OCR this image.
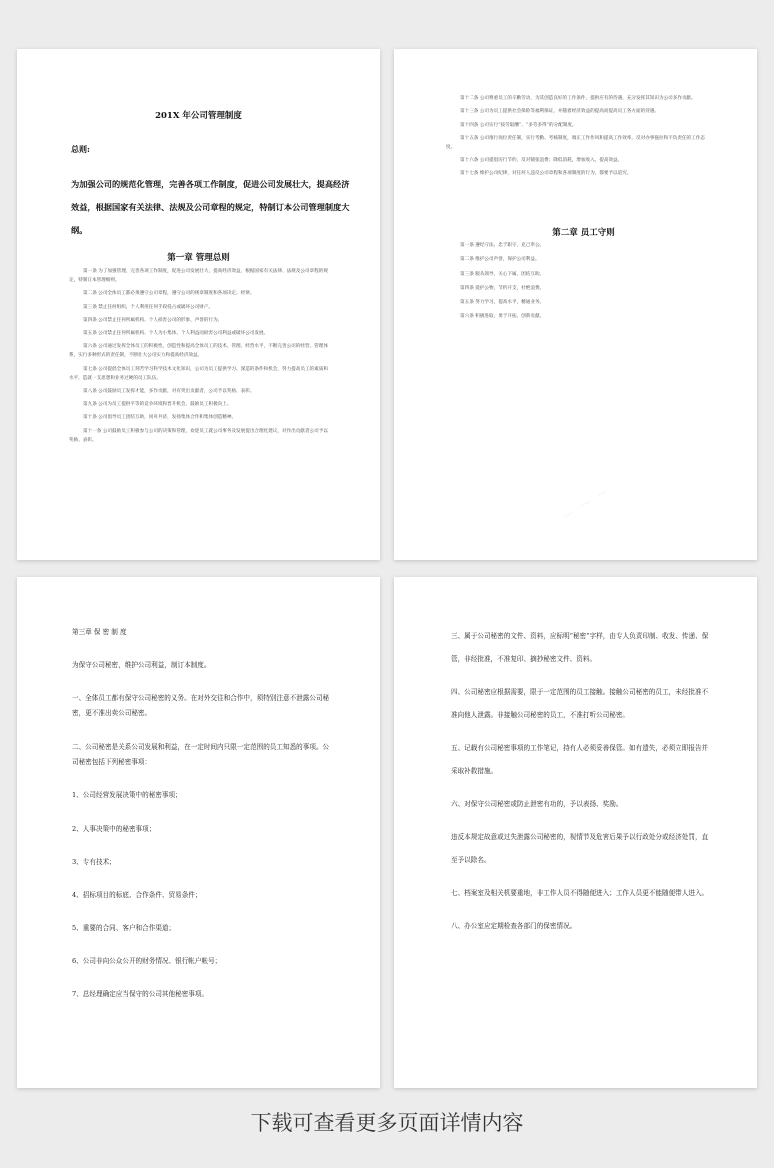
201X 年公司管理制度
总则:
为加强公司的规范化管理，完善各项工作制度，促进公司发展壮大，提高经济效益，根据国家有关法律、法规及公司章程的规定，特制订本公司管理制度大纲。
第一章 管理总则
第一条 为了加强管理，完善各项工作制度，促进公司发展壮大，提高经济效益，根据国家有关法律、法规及公司章程的规定，特制订本管理细则。
第二条 公司全体员工都必须遵守公司章程，遵守公司的规章制度和各项决定、经律。
第三条 禁止任何组织、个人利用任何手段侵占或破坏公司财产。
第四条 公司禁止任何所属机构、个人损害公司的形象、声誉的行为。
第五条 公司禁止任何所属机构、个人为小集体、个人利益而损害公司利益或破坏公司发展。
第六条 公司通过发挥全体员工的积极性、创造性和提高全体员工的技术、管理、经营水平，不断完善公司的经营、管理体系，实行多种形式的责任制，不断壮大公司实力和提高经济效益。
第七条 公司提倡全体员工刻苦学习科学技术文化知识，公司为员工提供学习、深造的条件和机会，努力提高员工的素质和水平，造就一支思想和业务过硬的员工队伍。
第八条 公司鼓励员工发挥才能，多作贡献，对有突出贡献者，公司予以奖励、表彰。
第九条 公司为员工提供平等的竞争环境和晋升机会，鼓励员工积极向上。
第十条 公司倡导员工团结互助，同舟共济，发扬集体合作和集体创造精神。
第十一条 公司鼓励员工积极参与公司的决策和管理，欢迎员工就公司事务及发展提出合理化建议，对作出贡献者公司予以奖励、表彰。
第十二条 公司尊重员工的辛勤劳动，为其创造良好的工作条件，提供应有的待遇，充分发挥其知识为公司多作贡献。
第十三条 公司为员工提供社会保险等福利保证，并随着经济效益的提高而提高员工各方面的待遇。
第十四条 公司实行“按劳取酬”、“多劳多得”的分配制度。
第十五条 公司推行岗位责任制，实行考勤、考核制度，端正工作作风和提高工作效率，反对办事拖拉和不负责任的工作态度。
第十六条 公司提倡厉行节约，反对铺张浪费；降低消耗，增加收入，提高效益。
第十七条 维护公司纪律，对任何人违反公司章程和各项制度的行为，都要予以追究。
第二章 员工守则
第一条 遵纪守法，忠于职守，克己奉公。
第二条 维护公司声誉，保护公司利益。
第三条 服从领导，关心下属，团结互助。
第四条 爱护公物，节约开支，杜绝浪费。
第五条 努力学习，提高水平，精通业务。
第六条 积极进取，勇于开拓，创新贡献。
第三章 保 密 制 度
为保守公司秘密，维护公司利益，制订本制度。
一、全体员工都有保守公司秘密的义务。在对外交往和合作中，须特别注意不泄露公司秘密，更不准出卖公司秘密。
二、公司秘密是关系公司发展和利益，在一定时间内只限一定范围的员工知悉的事项。公司秘密包括下列秘密事项：
1、公司经营发展决策中的秘密事项；
2、人事决策中的秘密事项；
3、专有技术；
4、招标项目的标底、合作条件、贸易条件；
5、重要的合同、客户和合作渠道；
6、公司非向公众公开的财务情况、银行帐户帐号；
7、总经理确定应当保守的公司其他秘密事项。
三、属于公司秘密的文件、资料，应标明“秘密”字样，由专人负责印制、收发、传递、保管，非经批准，不准复印、摘抄秘密文件、资料。
四、公司秘密应根据需要，限于一定范围的员工接触。接触公司秘密的员工，未经批准不准向他人泄露。非接触公司秘密的员工，不准打听公司秘密。
五、记载有公司秘密事项的工作笔记，持有人必须妥善保管。如有遗失，必须立即报告并采取补救措施。
六、对保守公司秘密或防止泄密有功的，予以表扬、奖励。
违反本规定故意或过失泄露公司秘密的，视情节及危害后果予以行政处分或经济处罚，直至予以除名。
七、档案室及相关机要重地，非工作人员不得随便进入；工作人员更不能随便带人进入。
八、办公室应定期检查各部门的保密情况。
下载可查看更多页面详情内容
